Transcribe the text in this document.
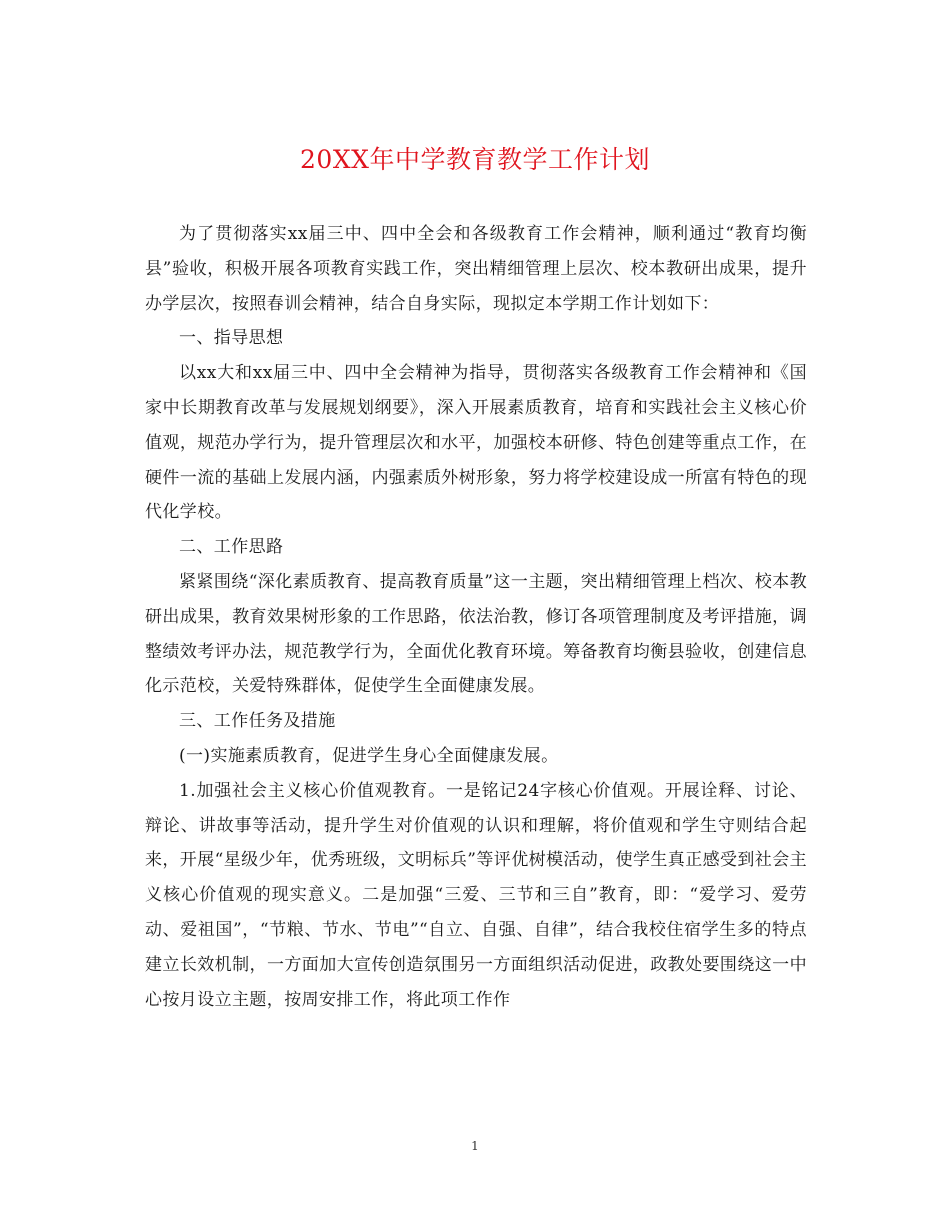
20XX年中学教育教学工作计划

为了贯彻落实xx届三中、四中全会和各级教育工作会精神，顺利通过“教育均衡县”验收，积极开展各项教育实践工作，突出精细管理上层次、校本教研出成果，提升办学层次，按照春训会精神，结合自身实际，现拟定本学期工作计划如下：

一、指导思想

以xx大和xx届三中、四中全会精神为指导，贯彻落实各级教育工作会精神和《国家中长期教育改革与发展规划纲要》，深入开展素质教育，培育和实践社会主义核心价值观，规范办学行为，提升管理层次和水平，加强校本研修、特色创建等重点工作，在硬件一流的基础上发展内涵，内强素质外树形象，努力将学校建设成一所富有特色的现代化学校。

二、工作思路

紧紧围绕“深化素质教育、提高教育质量”这一主题，突出精细管理上档次、校本教研出成果，教育效果树形象的工作思路，依法治教，修订各项管理制度及考评措施，调整绩效考评办法，规范教学行为，全面优化教育环境。筹备教育均衡县验收，创建信息化示范校，关爱特殊群体，促使学生全面健康发展。

三、工作任务及措施

(一)实施素质教育，促进学生身心全面健康发展。

1.加强社会主义核心价值观教育。一是铭记24字核心价值观。开展诠释、讨论、辩论、讲故事等活动，提升学生对价值观的认识和理解，将价值观和学生守则结合起来，开展“星级少年，优秀班级，文明标兵”等评优树模活动，使学生真正感受到社会主义核心价值观的现实意义。二是加强“三爱、三节和三自”教育，即：“爱学习、爱劳动、爱祖国”，“节粮、节水、节电”“自立、自强、自律”，结合我校住宿学生多的特点建立长效机制，一方面加大宣传创造氛围另一方面组织活动促进，政教处要围绕这一中心按月设立主题，按周安排工作，将此项工作作

1
